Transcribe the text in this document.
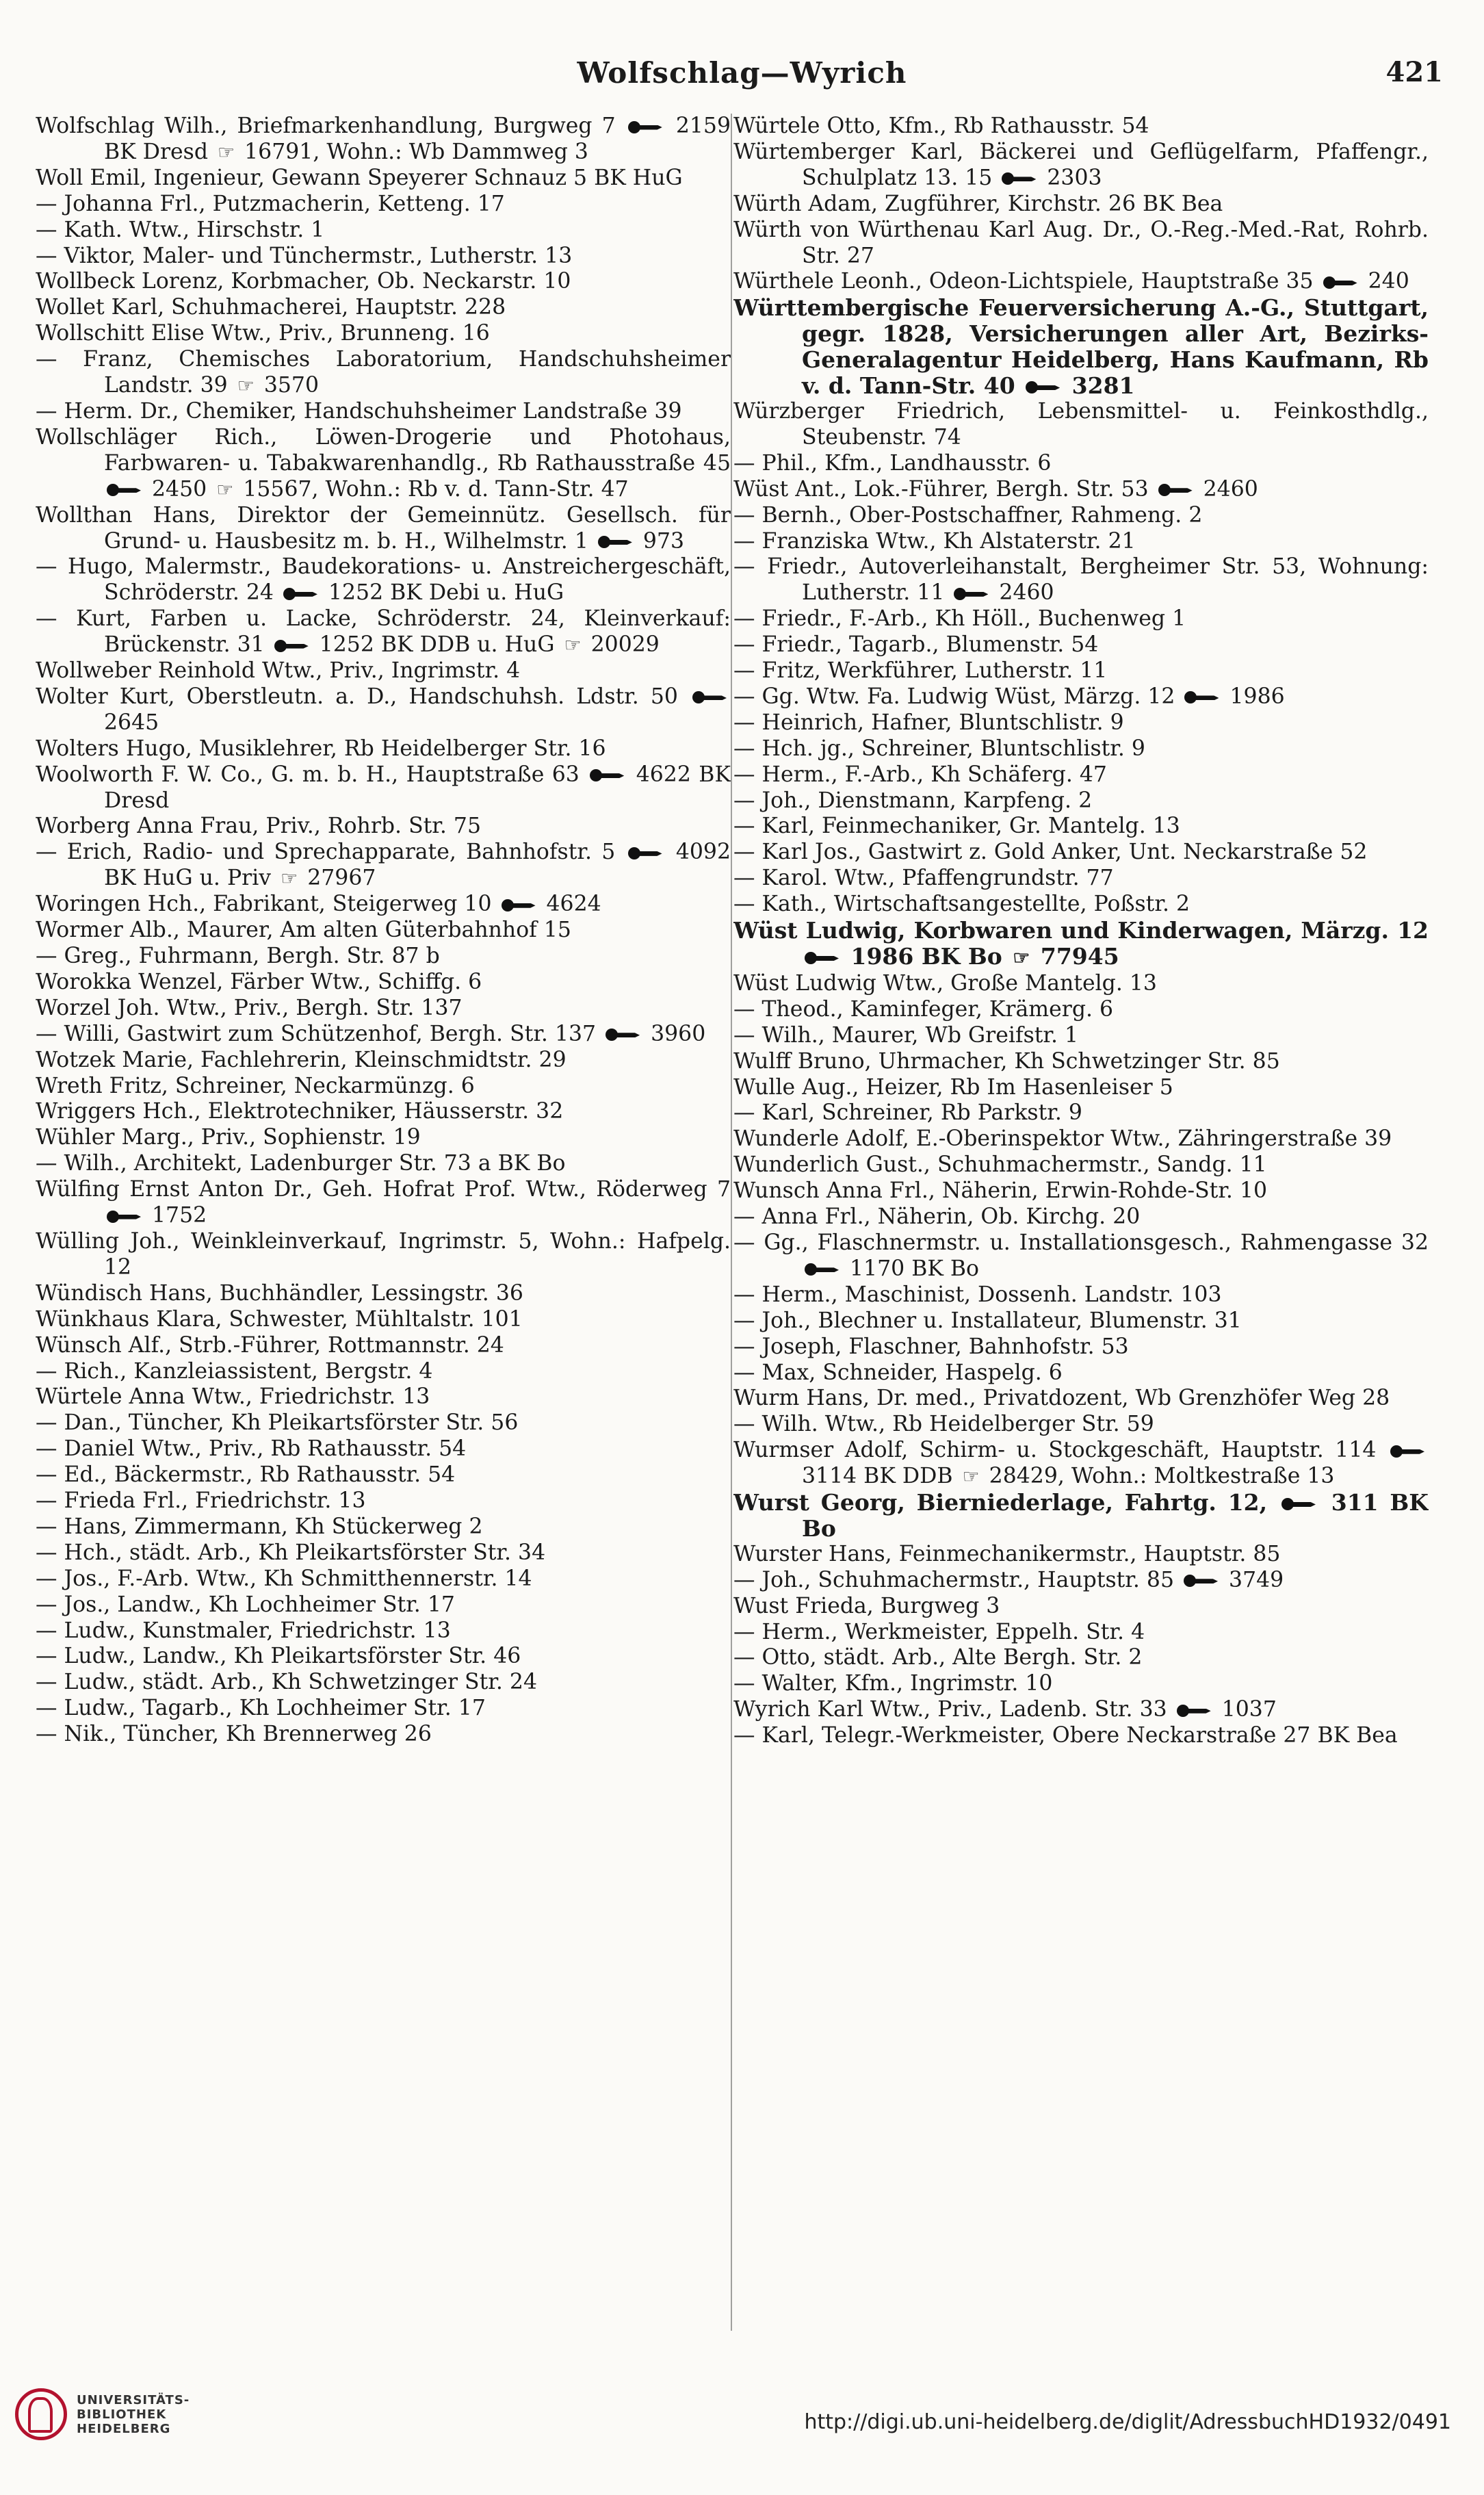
Wolfschlag—Wyrich	421

Wolfschlag Wilh., Briefmarkenhandlung, Burgweg 7  2159 BK Dresd ☞ 16791, Wohn.: Wb Dammweg 3

Woll Emil, Ingenieur, Gewann Speyerer Schnauz 5 BK HuG

— Johanna Frl., Putzmacherin, Ketteng. 17

— Kath. Wtw., Hirschstr. 1

— Viktor, Maler- und Tünchermstr., Lutherstr. 13

Wollbeck Lorenz, Korbmacher, Ob. Neckarstr. 10

Wollet Karl, Schuhmacherei, Hauptstr. 228

Wollschitt Elise Wtw., Priv., Brunneng. 16

— Franz, Chemisches Laboratorium, Handschuhsheimer Landstr. 39 ☞ 3570

— Herm. Dr., Chemiker, Handschuhsheimer Landstraße 39

Wollschläger Rich., Löwen-Drogerie und Photohaus, Farbwaren- u. Tabakwarenhandlg., Rb Rathausstraße 45  2450 ☞ 15567, Wohn.: Rb v. d. Tann-Str. 47

Wollthan Hans, Direktor der Gemeinnütz. Gesellsch. für Grund- u. Hausbesitz m. b. H., Wilhelmstr. 1  973

— Hugo, Malermstr., Baudekorations- u. Anstreichergeschäft, Schröderstr. 24  1252 BK Debi u. HuG

— Kurt, Farben u. Lacke, Schröderstr. 24, Kleinverkauf: Brückenstr. 31  1252 BK DDB u. HuG ☞ 20029

Wollweber Reinhold Wtw., Priv., Ingrimstr. 4

Wolter Kurt, Oberstleutn. a. D., Handschuhsh. Ldstr. 50  2645

Wolters Hugo, Musiklehrer, Rb Heidelberger Str. 16

Woolworth F. W. Co., G. m. b. H., Hauptstraße 63  4622 BK Dresd

Worberg Anna Frau, Priv., Rohrb. Str. 75

— Erich, Radio- und Sprechapparate, Bahnhofstr. 5  4092 BK HuG u. Priv ☞ 27967

Woringen Hch., Fabrikant, Steigerweg 10  4624

Wormer Alb., Maurer, Am alten Güterbahnhof 15

— Greg., Fuhrmann, Bergh. Str. 87 b

Worokka Wenzel, Färber Wtw., Schiffg. 6

Worzel Joh. Wtw., Priv., Bergh. Str. 137

— Willi, Gastwirt zum Schützenhof, Bergh. Str. 137  3960

Wotzek Marie, Fachlehrerin, Kleinschmidtstr. 29

Wreth Fritz, Schreiner, Neckarmünzg. 6

Wriggers Hch., Elektrotechniker, Häusserstr. 32

Wühler Marg., Priv., Sophienstr. 19

— Wilh., Architekt, Ladenburger Str. 73 a BK Bo

Wülfing Ernst Anton Dr., Geh. Hofrat Prof. Wtw., Röderweg 7  1752

Wülling Joh., Weinkleinverkauf, Ingrimstr. 5, Wohn.: Hafpelg. 12

Wündisch Hans, Buchhändler, Lessingstr. 36

Wünkhaus Klara, Schwester, Mühltalstr. 101

Wünsch Alf., Strb.-Führer, Rottmannstr. 24

— Rich., Kanzleiassistent, Bergstr. 4

Würtele Anna Wtw., Friedrichstr. 13

— Dan., Tüncher, Kh Pleikartsförster Str. 56

— Daniel Wtw., Priv., Rb Rathausstr. 54

— Ed., Bäckermstr., Rb Rathausstr. 54

— Frieda Frl., Friedrichstr. 13

— Hans, Zimmermann, Kh Stückerweg 2

— Hch., städt. Arb., Kh Pleikartsförster Str. 34

— Jos., F.-Arb. Wtw., Kh Schmitthennerstr. 14

— Jos., Landw., Kh Lochheimer Str. 17

— Ludw., Kunstmaler, Friedrichstr. 13

— Ludw., Landw., Kh Pleikartsförster Str. 46

— Ludw., städt. Arb., Kh Schwetzinger Str. 24

— Ludw., Tagarb., Kh Lochheimer Str. 17

— Nik., Tüncher, Kh Brennerweg 26

Würtele Otto, Kfm., Rb Rathausstr. 54

Würtemberger Karl, Bäckerei und Geflügelfarm, Pfaffengr., Schulplatz 13. 15  2303

Würth Adam, Zugführer, Kirchstr. 26 BK Bea

Würth von Würthenau Karl Aug. Dr., O.-Reg.-Med.-Rat, Rohrb. Str. 27

Würthele Leonh., Odeon-Lichtspiele, Hauptstraße 35  240

Württembergische Feuerversicherung A.-G., Stuttgart, gegr. 1828, Versicherungen aller Art, Bezirks-Generalagentur Heidelberg, Hans Kaufmann, Rb v. d. Tann-Str. 40  3281

Würzberger Friedrich, Lebensmittel- u. Feinkosthdlg., Steubenstr. 74

— Phil., Kfm., Landhausstr. 6

Wüst Ant., Lok.-Führer, Bergh. Str. 53  2460

— Bernh., Ober-Postschaffner, Rahmeng. 2

— Franziska Wtw., Kh Alstaterstr. 21

— Friedr., Autoverleihanstalt, Bergheimer Str. 53, Wohnung: Lutherstr. 11  2460

— Friedr., F.-Arb., Kh Höll., Buchenweg 1

— Friedr., Tagarb., Blumenstr. 54

— Fritz, Werkführer, Lutherstr. 11

— Gg. Wtw. Fa. Ludwig Wüst, Märzg. 12  1986

— Heinrich, Hafner, Bluntschlistr. 9

— Hch. jg., Schreiner, Bluntschlistr. 9

— Herm., F.-Arb., Kh Schäferg. 47

— Joh., Dienstmann, Karpfeng. 2

— Karl, Feinmechaniker, Gr. Mantelg. 13

— Karl Jos., Gastwirt z. Gold Anker, Unt. Neckarstraße 52

— Karol. Wtw., Pfaffengrundstr. 77

— Kath., Wirtschaftsangestellte, Poßstr. 2

Wüst Ludwig, Korbwaren und Kinderwagen, Märzg. 12  1986 BK Bo ☞ 77945

Wüst Ludwig Wtw., Große Mantelg. 13

— Theod., Kaminfeger, Krämerg. 6

— Wilh., Maurer, Wb Greifstr. 1

Wulff Bruno, Uhrmacher, Kh Schwetzinger Str. 85

Wulle Aug., Heizer, Rb Im Hasenleiser 5

— Karl, Schreiner, Rb Parkstr. 9

Wunderle Adolf, E.-Oberinspektor Wtw., Zähringerstraße 39

Wunderlich Gust., Schuhmachermstr., Sandg. 11

Wunsch Anna Frl., Näherin, Erwin-Rohde-Str. 10

— Anna Frl., Näherin, Ob. Kirchg. 20

— Gg., Flaschnermstr. u. Installationsgesch., Rahmengasse 32  1170 BK Bo

— Herm., Maschinist, Dossenh. Landstr. 103

— Joh., Blechner u. Installateur, Blumenstr. 31

— Joseph, Flaschner, Bahnhofstr. 53

— Max, Schneider, Haspelg. 6

Wurm Hans, Dr. med., Privatdozent, Wb Grenzhöfer Weg 28

— Wilh. Wtw., Rb Heidelberger Str. 59

Wurmser Adolf, Schirm- u. Stockgeschäft, Hauptstr. 114  3114 BK DDB ☞ 28429, Wohn.: Moltkestraße 13

Wurst Georg, Bierniederlage, Fahrtg. 12,  311 BK Bo

Wurster Hans, Feinmechanikermstr., Hauptstr. 85

— Joh., Schuhmachermstr., Hauptstr. 85  3749

Wust Frieda, Burgweg 3

— Herm., Werkmeister, Eppelh. Str. 4

— Otto, städt. Arb., Alte Bergh. Str. 2

— Walter, Kfm., Ingrimstr. 10

Wyrich Karl Wtw., Priv., Ladenb. Str. 33  1037

— Karl, Telegr.-Werkmeister, Obere Neckarstraße 27 BK Bea

UNIVERSITÄTS-
BIBLIOTHEK
HEIDELBERG	http://digi.ub.uni-heidelberg.de/diglit/AdressbuchHD1932/0491
